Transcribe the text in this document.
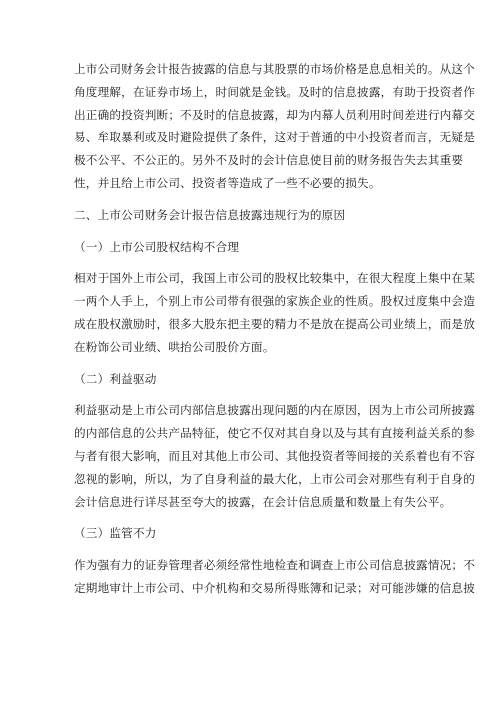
上市公司财务会计报告披露的信息与其股票的市场价格是息息相关的。从这个
角度理解，在证券市场上，时间就是金钱。及时的信息披露，有助于投资者作
出正确的投资判断；不及时的信息披露，却为内幕人员利用时间差进行内幕交
易、牟取暴利或及时避险提供了条件，这对于普通的中小投资者而言，无疑是
极不公平、不公正的。另外不及时的会计信息使目前的财务报告失去其重要
性，并且给上市公司、投资者等造成了一些不必要的损失。
二、上市公司财务会计报告信息披露违规行为的原因
（一）上市公司股权结构不合理
相对于国外上市公司，我国上市公司的股权比较集中，在很大程度上集中在某
一两个人手上，个别上市公司带有很强的家族企业的性质。股权过度集中会造
成在股权激励时，很多大股东把主要的精力不是放在提高公司业绩上，而是放
在粉饰公司业绩、哄抬公司股价方面。
（二）利益驱动
利益驱动是上市公司内部信息披露出现问题的内在原因，因为上市公司所披露
的内部信息的公共产品特征，使它不仅对其自身以及与其有直接利益关系的参
与者有很大影响，而且对其他上市公司、其他投资者等间接的关系着也有不容
忽视的影响，所以，为了自身利益的最大化，上市公司会对那些有利于自身的
会计信息进行详尽甚至夸大的披露，在会计信息质量和数量上有失公平。
（三）监管不力
作为强有力的证券管理者必须经常性地检查和调查上市公司信息披露情况；不
定期地审计上市公司、中介机构和交易所得账簿和记录；对可能涉嫌的信息披
